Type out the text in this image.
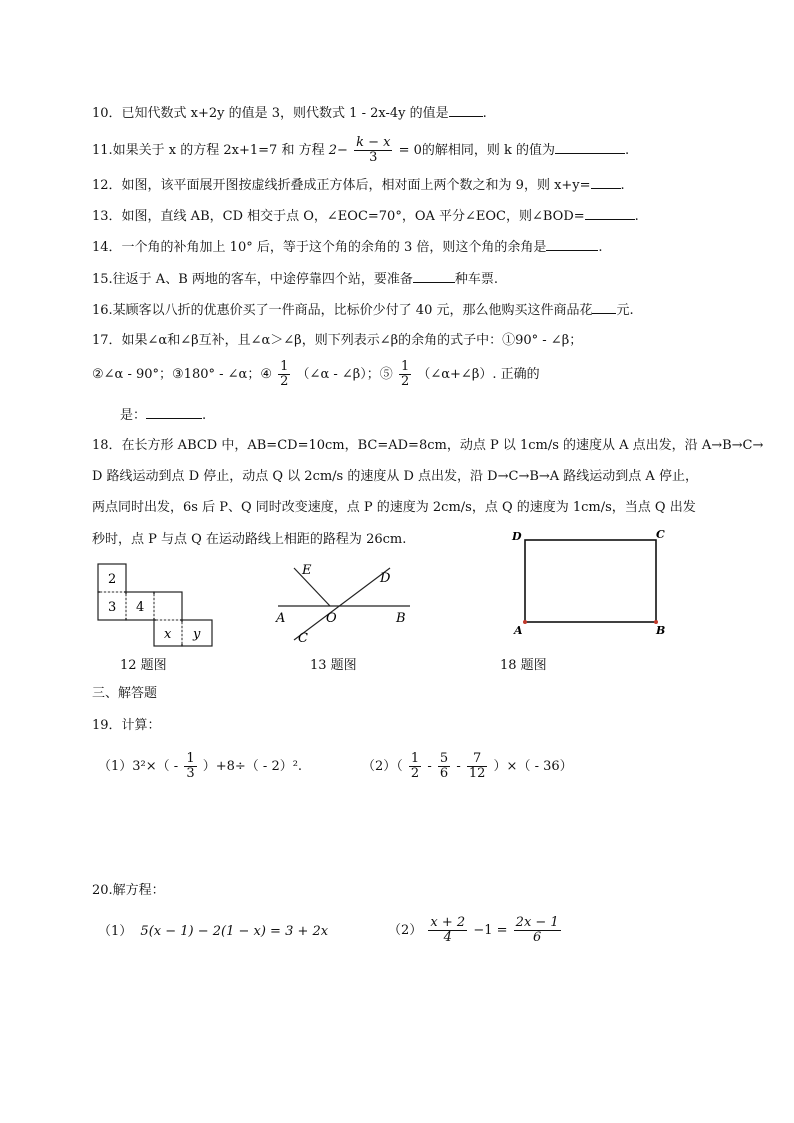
10．已知代数式 x+2y 的值是 3，则代数式 1 - 2x-4y 的值是	.
11.如果关于 x 的方程 2x+1=7 和 方程 $2- \frac{k - x}{3} = 0$的解相同，则 k 的值为	.
12．如图，该平面展开图按虚线折叠成正方体后，相对面上两个数之和为 9，则 x+y= .
13．如图，直线 AB，CD 相交于点 O，∠EOC=70°，OA 平分∠EOC，则∠BOD=	.
14．一个角的补角加上 10° 后，等于这个角的余角的 3 倍，则这个角的余角是	.
15.往返于 A、B 两地的客车，中途停靠四个站，要准备	种车票.
16.某顾客以八折的优惠价买了一件商品，比标价少付了 40 元，那么他购买这件商品花 元.
17．如果∠α和∠β互补，且∠α＞∠β，则下列表示∠β的余角的式子中：①90° - ∠β；
②∠α - 90°；③180° - ∠α；④ $\frac{1}{2}$ （∠α - ∠β）；⑤ $\frac{1}{2}$ （∠α+∠β）. 正确的
是：	.
18．在长方形 ABCD 中，AB=CD=10cm，BC=AD=8cm，动点 P 以 1cm/s 的速度从 A 点出发，沿 A→B→C→
D 路线运动到点 D 停止，动点 Q 以 2cm/s 的速度从 D 点出发，沿 D→C→B→A 路线运动到点 A 停止，
两点同时出发，6s 后 P、Q 同时改变速度，点 P 的速度为 2cm/s，点 Q 的速度为 1cm/s，当点 Q 出发
秒时，点 P 与点 Q 在运动路线上相距的路程为 26cm.
2
3 4
x y
12 题图
E
D
A	O	B
C
13 题图
D	C
A	B
18 题图
三、解答题
19．计算：
$(1)3^2\times( - \frac{1}{3} )+8\div( - 2)^2$.	$(2)( \frac{1}{2} - \frac{5}{6} - \frac{7}{12}$ ）×（ - 36）
20.解方程：
（1） 5(x − 1) − 2(1 − x) = 3 + 2x	$(2) \frac{x + 2}{4} -1 = \frac{2x - 1}{6}$
